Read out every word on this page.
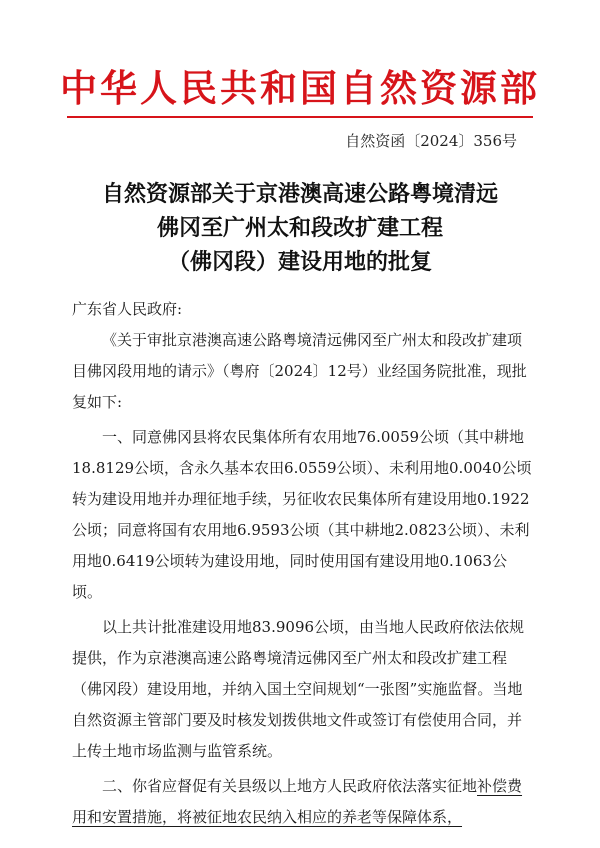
中华人民共和国自然资源部
自然资函〔2024〕356号
自然资源部关于京港澳高速公路粤境清远
佛冈至广州太和段改扩建工程
（佛冈段）建设用地的批复

广东省人民政府:

《关于审批京港澳高速公路粤境清远佛冈至广州太和段改扩建项目佛冈段用地的请示》（粤府〔2024〕12号）业经国务院批准，现批复如下:

一、同意佛冈县将农民集体所有农用地76.0059公顷（其中耕地18.8129公顷，含永久基本农田6.0559公顷）、未利用地0.0040公顷转为建设用地并办理征地手续，另征收农民集体所有建设用地0.1922公顷；同意将国有农用地6.9593公顷（其中耕地2.0823公顷）、未利用地0.6419公顷转为建设用地，同时使用国有建设用地0.1063公顷。

以上共计批准建设用地83.9096公顷，由当地人民政府依法依规提供，作为京港澳高速公路粤境清远佛冈至广州太和段改扩建工程（佛冈段）建设用地，并纳入国土空间规划“一张图”实施监督。当地自然资源主管部门要及时核发划拨供地文件或签订有偿使用合同，并上传土地市场监测与监管系统。

二、你省应督促有关县级以上地方人民政府依法落实征地补偿费用和安置措施，将被征地农民纳入相应的养老等保障体系，
